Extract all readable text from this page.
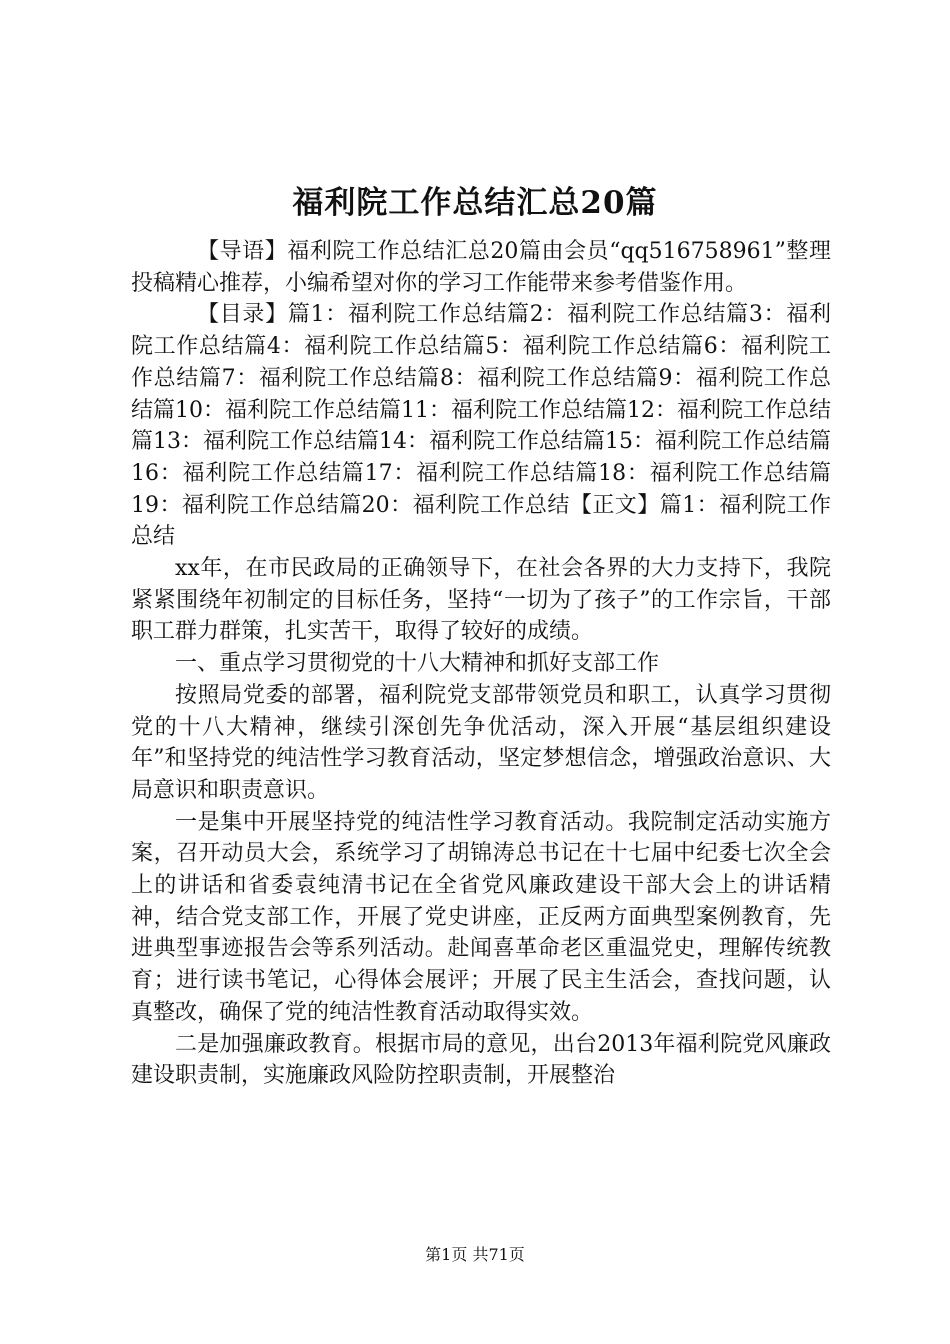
福利院工作总结汇总20篇

【导语】福利院工作总结汇总20篇由会员“qq516758961”整理投稿精心推荐，小编希望对你的学习工作能带来参考借鉴作用。

【目录】篇1：福利院工作总结篇2：福利院工作总结篇3：福利院工作总结篇4：福利院工作总结篇5：福利院工作总结篇6：福利院工作总结篇7：福利院工作总结篇8：福利院工作总结篇9：福利院工作总结篇10：福利院工作总结篇11：福利院工作总结篇12：福利院工作总结篇13：福利院工作总结篇14：福利院工作总结篇15：福利院工作总结篇16：福利院工作总结篇17：福利院工作总结篇18：福利院工作总结篇19：福利院工作总结篇20：福利院工作总结【正文】篇1：福利院工作总结

xx年，在市民政局的正确领导下，在社会各界的大力支持下，我院紧紧围绕年初制定的目标任务，坚持“一切为了孩子”的工作宗旨，干部职工群力群策，扎实苦干，取得了较好的成绩。

一、重点学习贯彻党的十八大精神和抓好支部工作

按照局党委的部署，福利院党支部带领党员和职工，认真学习贯彻党的十八大精神，继续引深创先争优活动，深入开展“基层组织建设年”和坚持党的纯洁性学习教育活动，坚定梦想信念，增强政治意识、大局意识和职责意识。

一是集中开展坚持党的纯洁性学习教育活动。我院制定活动实施方案，召开动员大会，系统学习了胡锦涛总书记在十七届中纪委七次全会上的讲话和省委袁纯清书记在全省党风廉政建设干部大会上的讲话精神，结合党支部工作，开展了党史讲座，正反两方面典型案例教育，先进典型事迹报告会等系列活动。赴闻喜革命老区重温党史，理解传统教育；进行读书笔记，心得体会展评；开展了民主生活会，查找问题，认真整改，确保了党的纯洁性教育活动取得实效。

二是加强廉政教育。根据市局的意见，出台2013年福利院党风廉政建设职责制，实施廉政风险防控职责制，开展整治

第1页 共71页
